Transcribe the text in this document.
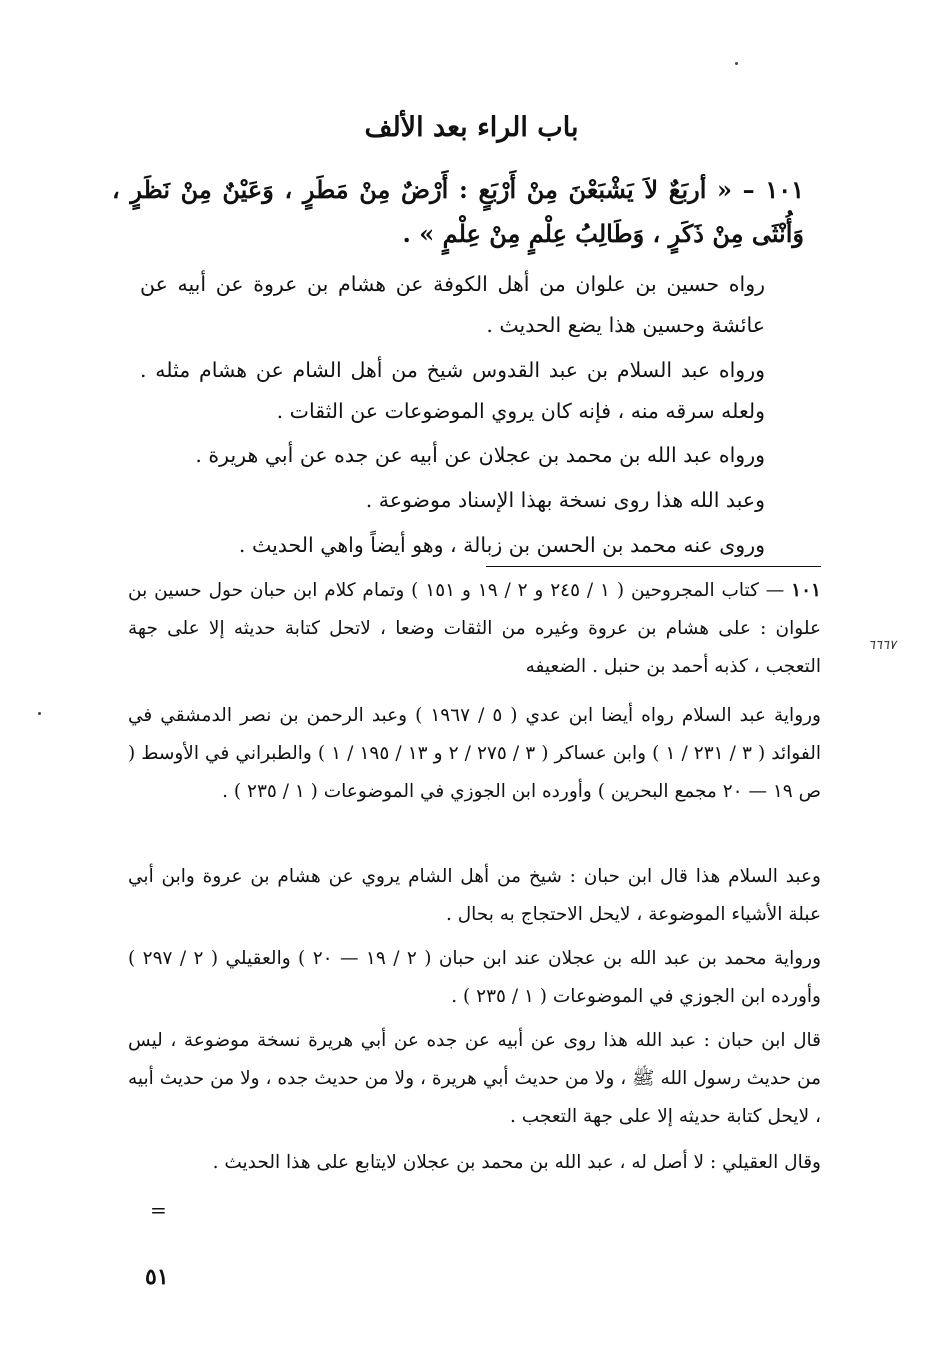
باب الراء بعد الألف
١٠١ – « أربَعٌ لاَ يَشْبَعْنَ مِنْ أَرْبَعٍ : أَرْضٌ مِنْ مَطَرٍ ، وَعَيْنٌ مِنْ نَظَرٍ ، وَأُنْثَى مِنْ ذَكَرٍ ، وَطَالِبُ عِلْمٍ مِنْ عِلْمٍ » .
رواه حسين بن علوان من أهل الكوفة عن هشام بن عروة عن أبيه عن عائشة وحسين هذا يضع الحديث .
ورواه عبد السلام بن عبد القدوس شيخ من أهل الشام عن هشام مثله . ولعله سرقه منه ، فإنه كان يروي الموضوعات عن الثقات .
ورواه عبد الله بن محمد بن عجلان عن أبيه عن جده عن أبي هريرة .
وعبد الله هذا روى نسخة بهذا الإسناد موضوعة .
وروى عنه محمد بن الحسن بن زبالة ، وهو أيضاً واهي الحديث .
١٠١ — كتاب المجروحين ( ١ / ٢٤٥ و ٢ / ١٩ و ١٥١ ) وتمام كلام ابن حبان حول حسين بن علوان : على هشام بن عروة وغيره من الثقات وضعا ، لاتحل كتابة حديثه إلا على جهة التعجب ، كذبه أحمد بن حنبل . الضعيفه
٦٦٦٧
ورواية عبد السلام رواه أيضا ابن عدي ( ٥ / ١٩٦٧ ) وعبد الرحمن بن نصر الدمشقي في الفوائد ( ٣ / ٢٣١ / ١ ) وابن عساكر ( ٣ / ٢٧٥ / ٢ و ١٣ / ١٩٥ / ١ ) والطبراني في الأوسط ( ص ١٩ — ٢٠ مجمع البحرين ) وأورده ابن الجوزي في الموضوعات ( ١ / ٢٣٥ ) .
وعبد السلام هذا قال ابن حبان : شيخ من أهل الشام يروي عن هشام بن عروة وابن أبي عبلة الأشياء الموضوعة ، لايحل الاحتجاج به بحال .
ورواية محمد بن عبد الله بن عجلان عند ابن حبان ( ٢ / ١٩ — ٢٠ ) والعقيلي ( ٢ / ٢٩٧ ) وأورده ابن الجوزي في الموضوعات ( ١ / ٢٣٥ ) .
قال ابن حبان : عبد الله هذا روى عن أبيه عن جده عن أبي هريرة نسخة موضوعة ، ليس من حديث رسول الله ﷺ ، ولا من حديث أبي هريرة ، ولا من حديث جده ، ولا من حديث أبيه ، لايحل كتابة حديثه إلا على جهة التعجب .
وقال العقيلي : لا أصل له ، عبد الله بن محمد بن عجلان لايتابع على هذا الحديث .
=
٥١
